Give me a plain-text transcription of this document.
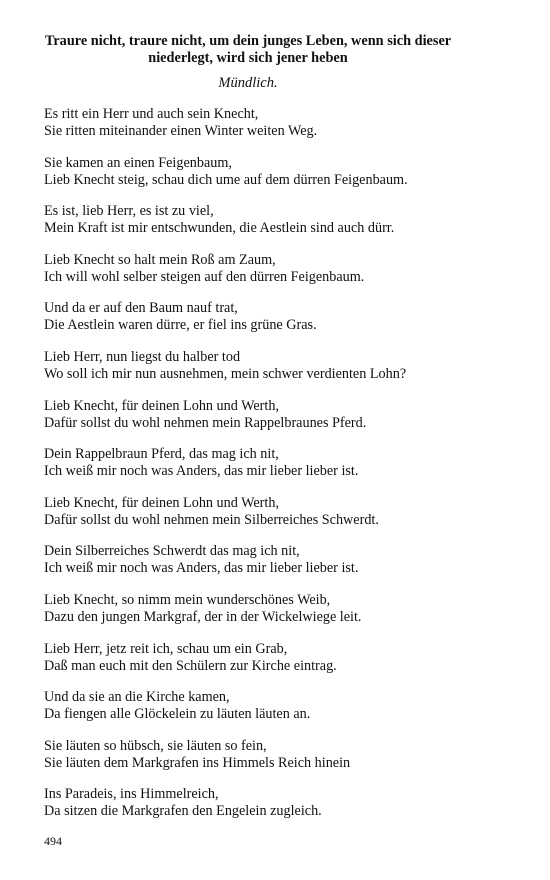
Traure nicht, traure nicht, um dein junges Leben, wenn sich dieser
niederlegt, wird sich jener heben
Mündlich.
Es ritt ein Herr und auch sein Knecht,
Sie ritten miteinander einen Winter weiten Weg.
Sie kamen an einen Feigenbaum,
Lieb Knecht steig, schau dich ume auf dem dürren Feigenbaum.
Es ist, lieb Herr, es ist zu viel,
Mein Kraft ist mir entschwunden, die Aestlein sind auch dürr.
Lieb Knecht so halt mein Roß am Zaum,
Ich will wohl selber steigen auf den dürren Feigenbaum.
Und da er auf den Baum nauf trat,
Die Aestlein waren dürre, er fiel ins grüne Gras.
Lieb Herr, nun liegst du halber tod
Wo soll ich mir nun ausnehmen, mein schwer verdienten Lohn?
Lieb Knecht, für deinen Lohn und Werth,
Dafür sollst du wohl nehmen mein Rappelbraunes Pferd.
Dein Rappelbraun Pferd, das mag ich nit,
Ich weiß mir noch was Anders, das mir lieber lieber ist.
Lieb Knecht, für deinen Lohn und Werth,
Dafür sollst du wohl nehmen mein Silberreiches Schwerdt.
Dein Silberreiches Schwerdt das mag ich nit,
Ich weiß mir noch was Anders, das mir lieber lieber ist.
Lieb Knecht, so nimm mein wunderschönes Weib,
Dazu den jungen Markgraf, der in der Wickelwiege leit.
Lieb Herr, jetz reit ich, schau um ein Grab,
Daß man euch mit den Schülern zur Kirche eintrag.
Und da sie an die Kirche kamen,
Da fiengen alle Glöckelein zu läuten läuten an.
Sie läuten so hübsch, sie läuten so fein,
Sie läuten dem Markgrafen ins Himmels Reich hinein
Ins Paradeis, ins Himmelreich,
Da sitzen die Markgrafen den Engelein zugleich.
494
